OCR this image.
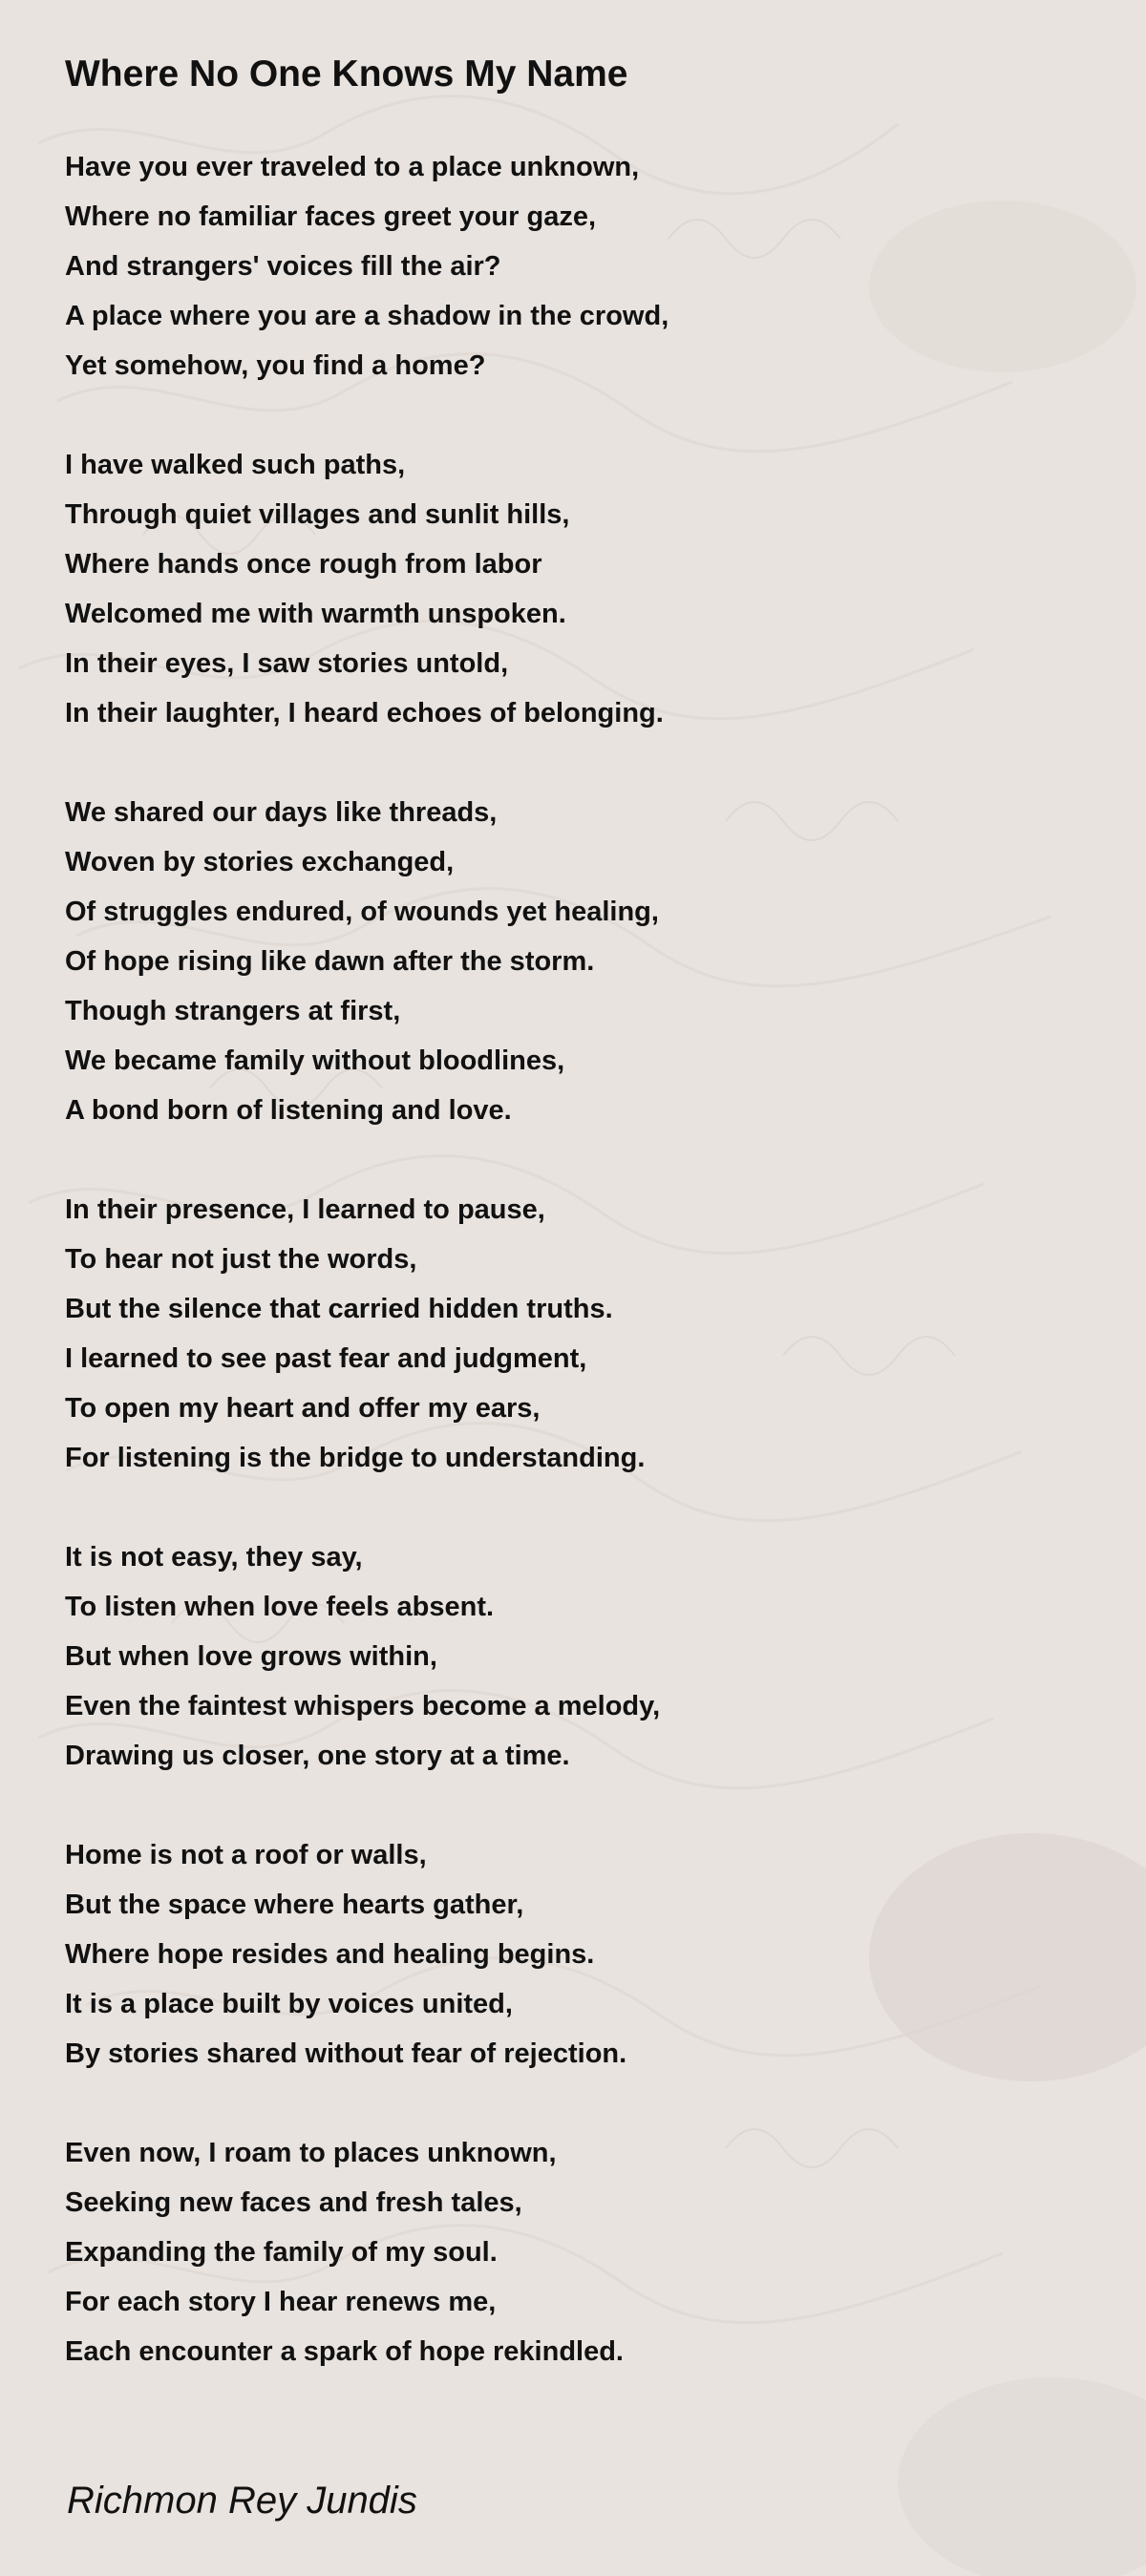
Where No One Knows My Name
Have you ever traveled to a place unknown,
Where no familiar faces greet your gaze,
And strangers' voices fill the air?
A place where you are a shadow in the crowd,
Yet somehow, you find a home?
I have walked such paths,
Through quiet villages and sunlit hills,
Where hands once rough from labor
Welcomed me with warmth unspoken.
In their eyes, I saw stories untold,
In their laughter, I heard echoes of belonging.
We shared our days like threads,
Woven by stories exchanged,
Of struggles endured, of wounds yet healing,
Of hope rising like dawn after the storm.
Though strangers at first,
We became family without bloodlines,
A bond born of listening and love.
In their presence, I learned to pause,
To hear not just the words,
But the silence that carried hidden truths.
I learned to see past fear and judgment,
To open my heart and offer my ears,
For listening is the bridge to understanding.
It is not easy, they say,
To listen when love feels absent.
But when love grows within,
Even the faintest whispers become a melody,
Drawing us closer, one story at a time.
Home is not a roof or walls,
But the space where hearts gather,
Where hope resides and healing begins.
It is a place built by voices united,
By stories shared without fear of rejection.
Even now, I roam to places unknown,
Seeking new faces and fresh tales,
Expanding the family of my soul.
For each story I hear renews me,
Each encounter a spark of hope rekindled.
Richmon Rey Jundis
